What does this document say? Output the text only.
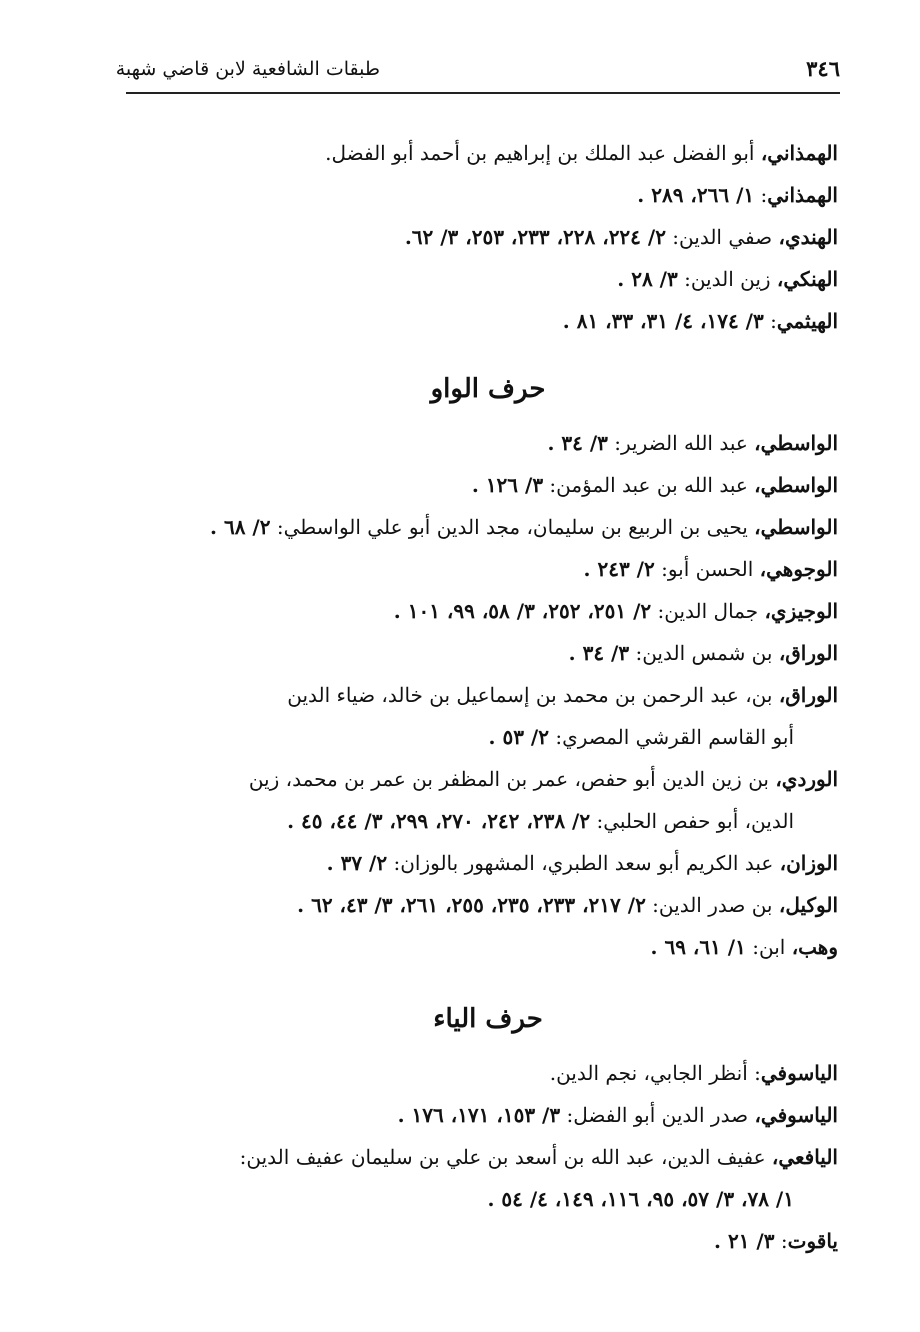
طبقات الشافعية لابن قاضي شهبة	٣٤٦

الهمذاني، أبو الفضل عبد الملك بن إبراهيم بن أحمد أبو الفضل.

الهمذاني: ١/ ٢٦٦، ٢٨٩ .

الهندي، صفي الدين: ٢/ ٢٢٤، ٢٢٨، ٢٣٣، ٢٥٣، ٣/ ٦٢.

الهنكي، زين الدين: ٣/ ٢٨ .

الهيثمي: ٣/ ١٧٤، ٤/ ٣١، ٣٣، ٨١ .

حرف الواو

الواسطي، عبد الله الضرير: ٣/ ٣٤ .

الواسطي، عبد الله بن عبد المؤمن: ٣/ ١٢٦ .

الواسطي، يحيى بن الربيع بن سليمان، مجد الدين أبو علي الواسطي: ٢/ ٦٨ .

الوجوهي، الحسن أبو: ٢/ ٢٤٣ .

الوجيزي، جمال الدين: ٢/ ٢٥١، ٢٥٢، ٣/ ٥٨، ٩٩، ١٠١ .

الوراق، بن شمس الدين: ٣/ ٣٤ .

الوراق، بن، عبد الرحمن بن محمد بن إسماعيل بن خالد، ضياء الدين
أبو القاسم القرشي المصري: ٢/ ٥٣ .

الوردي، بن زين الدين أبو حفص، عمر بن المظفر بن عمر بن محمد، زين
الدين، أبو حفص الحلبي: ٢/ ٢٣٨، ٢٤٢، ٢٧٠، ٢٩٩، ٣/ ٤٤، ٤٥ .

الوزان، عبد الكريم أبو سعد الطبري، المشهور بالوزان: ٢/ ٣٧ .

الوكيل، بن صدر الدين: ٢/ ٢١٧، ٢٣٣، ٢٣٥، ٢٥٥، ٢٦١، ٣/ ٤٣، ٦٢ .

وهب، ابن: ١/ ٦١، ٦٩ .

حرف الياء

الياسوفي: أنظر الجابي، نجم الدين.

الياسوفي، صدر الدين أبو الفضل: ٣/ ١٥٣، ١٧١، ١٧٦ .

اليافعي، عفيف الدين، عبد الله بن أسعد بن علي بن سليمان عفيف الدين:
١/ ٧٨، ٣/ ٥٧، ٩٥، ١١٦، ١٤٩، ٤/ ٥٤ .

ياقوت: ٣/ ٢١ .
